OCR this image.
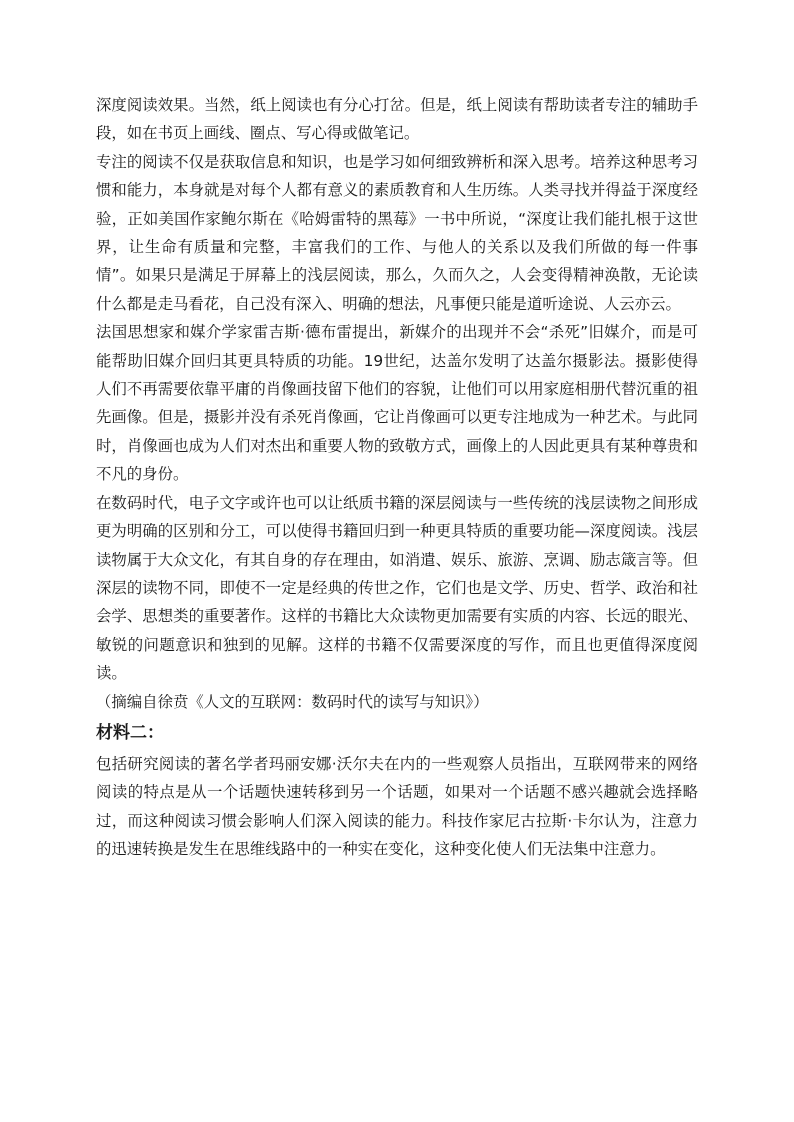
深度阅读效果。当然，纸上阅读也有分心打岔。但是，纸上阅读有帮助读者专注的辅助手段，如在书页上画线、圈点、写心得或做笔记。

专注的阅读不仅是获取信息和知识，也是学习如何细致辨析和深入思考。培养这种思考习惯和能力，本身就是对每个人都有意义的素质教育和人生历练。人类寻找并得益于深度经验，正如美国作家鲍尔斯在《哈姆雷特的黑莓》一书中所说，“深度让我们能扎根于这世界，让生命有质量和完整，丰富我们的工作、与他人的关系以及我们所做的每一件事情”。如果只是满足于屏幕上的浅层阅读，那么，久而久之，人会变得精神涣散，无论读什么都是走马看花，自己没有深入、明确的想法，凡事便只能是道听途说、人云亦云。

法国思想家和媒介学家雷吉斯·德布雷提出，新媒介的出现并不会“杀死”旧媒介，而是可能帮助旧媒介回归其更具特质的功能。19世纪，达盖尔发明了达盖尔摄影法。摄影使得人们不再需要依靠平庸的肖像画技留下他们的容貌，让他们可以用家庭相册代替沉重的祖先画像。但是，摄影并没有杀死肖像画，它让肖像画可以更专注地成为一种艺术。与此同时，肖像画也成为人们对杰出和重要人物的致敬方式，画像上的人因此更具有某种尊贵和不凡的身份。

在数码时代，电子文字或许也可以让纸质书籍的深层阅读与一些传统的浅层读物之间形成更为明确的区别和分工，可以使得书籍回归到一种更具特质的重要功能—深度阅读。浅层读物属于大众文化，有其自身的存在理由，如消遣、娱乐、旅游、烹调、励志箴言等。但深层的读物不同，即使不一定是经典的传世之作，它们也是文学、历史、哲学、政治和社会学、思想类的重要著作。这样的书籍比大众读物更加需要有实质的内容、长远的眼光、敏锐的问题意识和独到的见解。这样的书籍不仅需要深度的写作，而且也更值得深度阅读。

（摘编自徐贲《人文的互联网：数码时代的读写与知识》）

材料二：

包括研究阅读的著名学者玛丽安娜·沃尔夫在内的一些观察人员指出，互联网带来的网络阅读的特点是从一个话题快速转移到另一个话题，如果对一个话题不感兴趣就会选择略过，而这种阅读习惯会影响人们深入阅读的能力。科技作家尼古拉斯·卡尔认为，注意力的迅速转换是发生在思维线路中的一种实在变化，这种变化使人们无法集中注意力。
